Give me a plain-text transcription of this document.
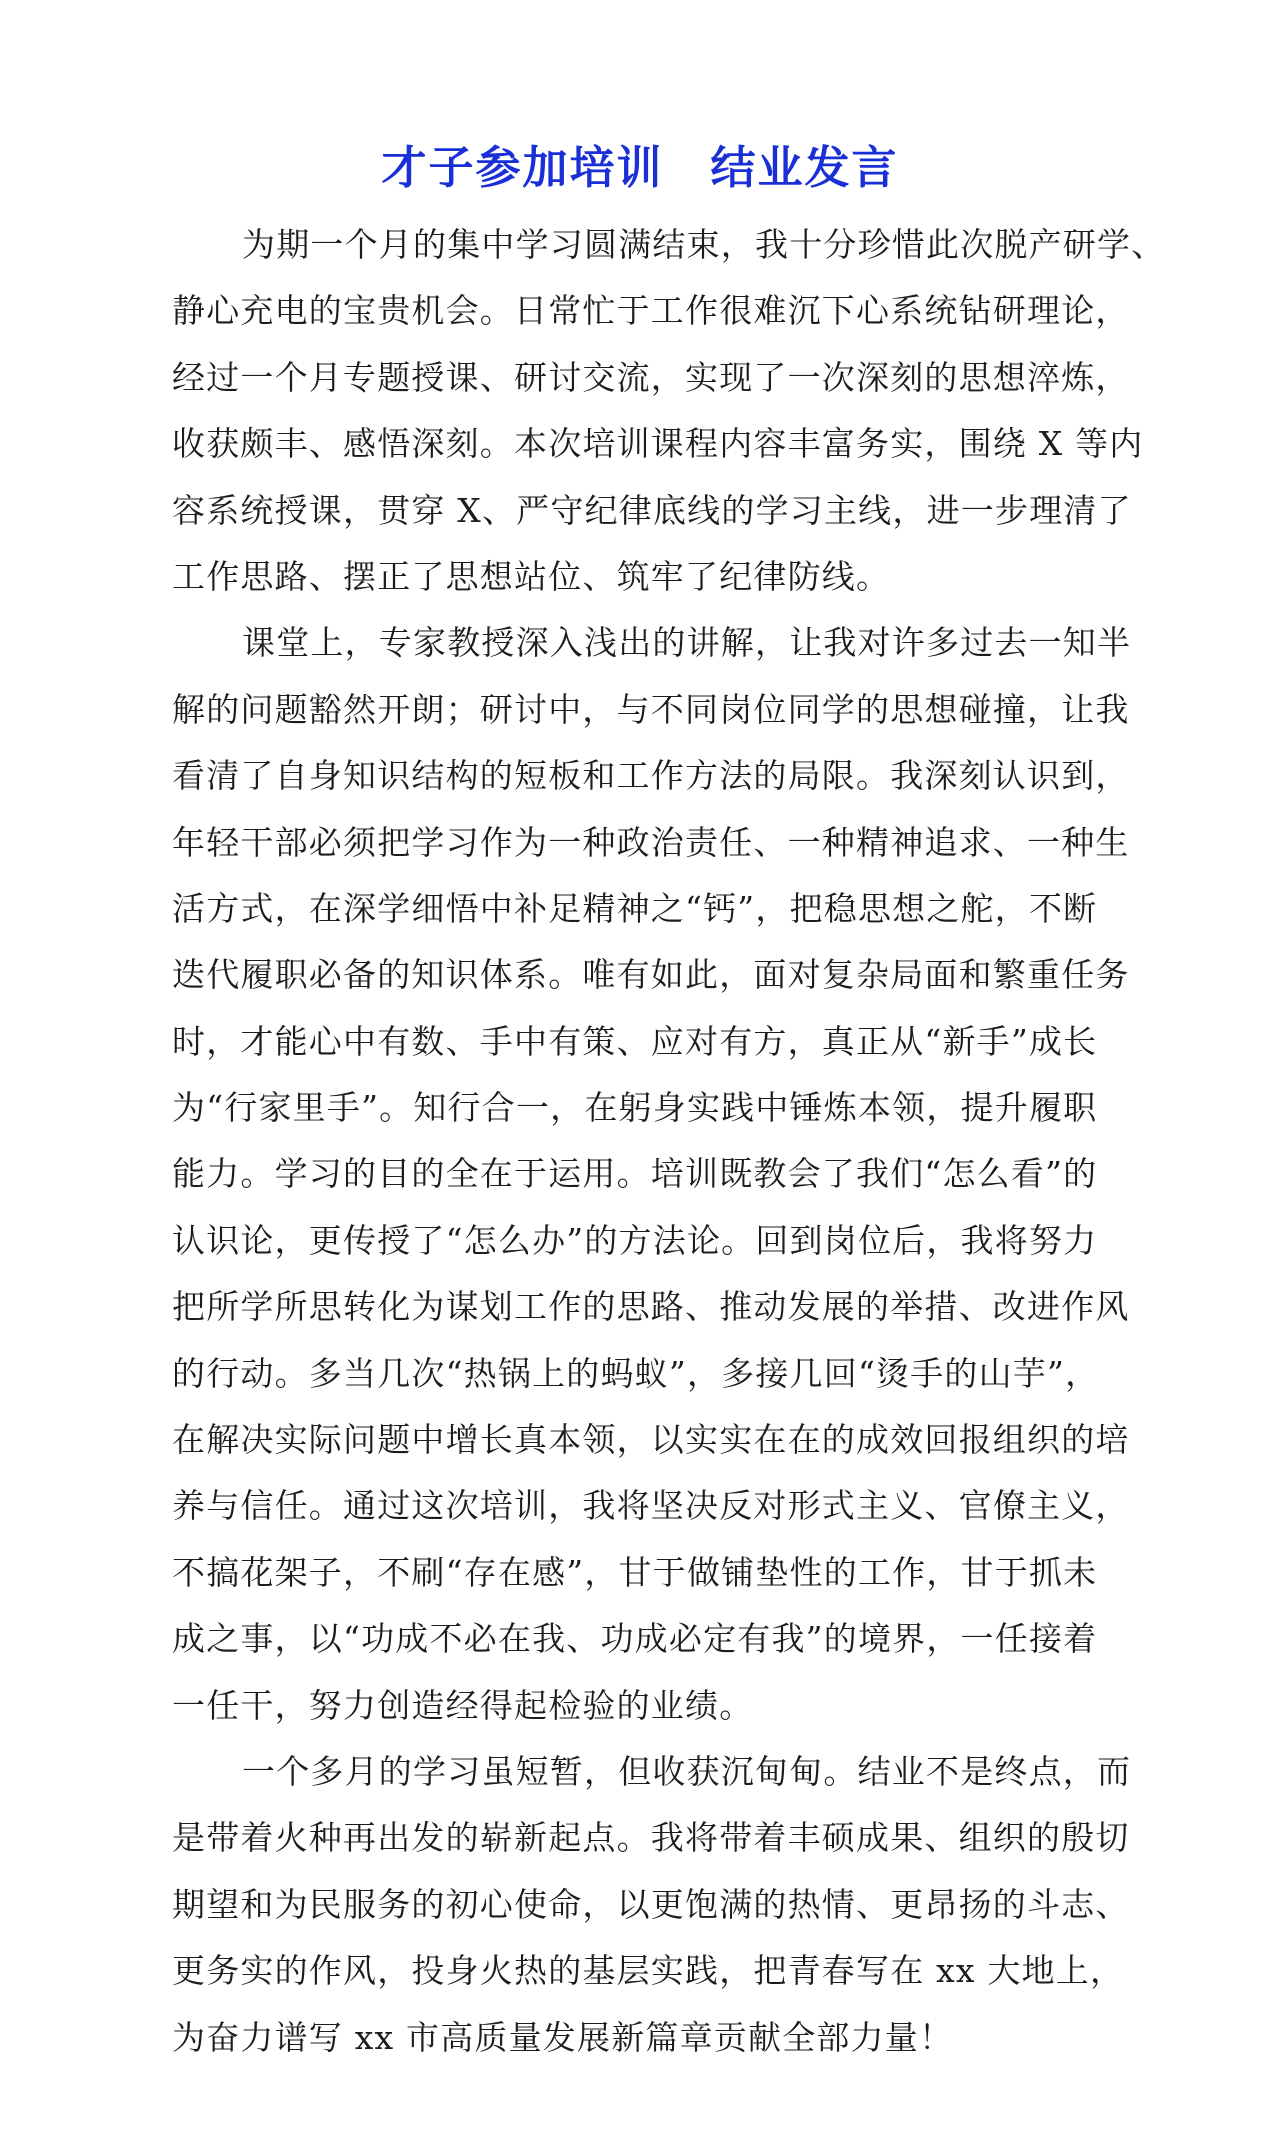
才子参加培训　结业发言

为期一个月的集中学习圆满结束，我十分珍惜此次脱产研学、
静心充电的宝贵机会。日常忙于工作很难沉下心系统钻研理论，
经过一个月专题授课、研讨交流，实现了一次深刻的思想淬炼，
收获颇丰、感悟深刻。本次培训课程内容丰富务实，围绕 X 等内
容系统授课，贯穿 X、严守纪律底线的学习主线，进一步理清了
工作思路、摆正了思想站位、筑牢了纪律防线。

课堂上，专家教授深入浅出的讲解，让我对许多过去一知半
解的问题豁然开朗；研讨中，与不同岗位同学的思想碰撞，让我
看清了自身知识结构的短板和工作方法的局限。我深刻认识到，
年轻干部必须把学习作为一种政治责任、一种精神追求、一种生
活方式，在深学细悟中补足精神之“钙”，把稳思想之舵，不断
迭代履职必备的知识体系。唯有如此，面对复杂局面和繁重任务
时，才能心中有数、手中有策、应对有方，真正从“新手”成长
为“行家里手”。知行合一，在躬身实践中锤炼本领，提升履职
能力。学习的目的全在于运用。培训既教会了我们“怎么看”的
认识论，更传授了“怎么办”的方法论。回到岗位后，我将努力
把所学所思转化为谋划工作的思路、推动发展的举措、改进作风
的行动。多当几次“热锅上的蚂蚁”，多接几回“烫手的山芋”，
在解决实际问题中增长真本领，以实实在在的成效回报组织的培
养与信任。通过这次培训，我将坚决反对形式主义、官僚主义，
不搞花架子，不刷“存在感”，甘于做铺垫性的工作，甘于抓未
成之事，以“功成不必在我、功成必定有我”的境界，一任接着
一任干，努力创造经得起检验的业绩。

一个多月的学习虽短暂，但收获沉甸甸。结业不是终点，而
是带着火种再出发的崭新起点。我将带着丰硕成果、组织的殷切
期望和为民服务的初心使命，以更饱满的热情、更昂扬的斗志、
更务实的作风，投身火热的基层实践，把青春写在 xx 大地上，
为奋力谱写 xx 市高质量发展新篇章贡献全部力量！
